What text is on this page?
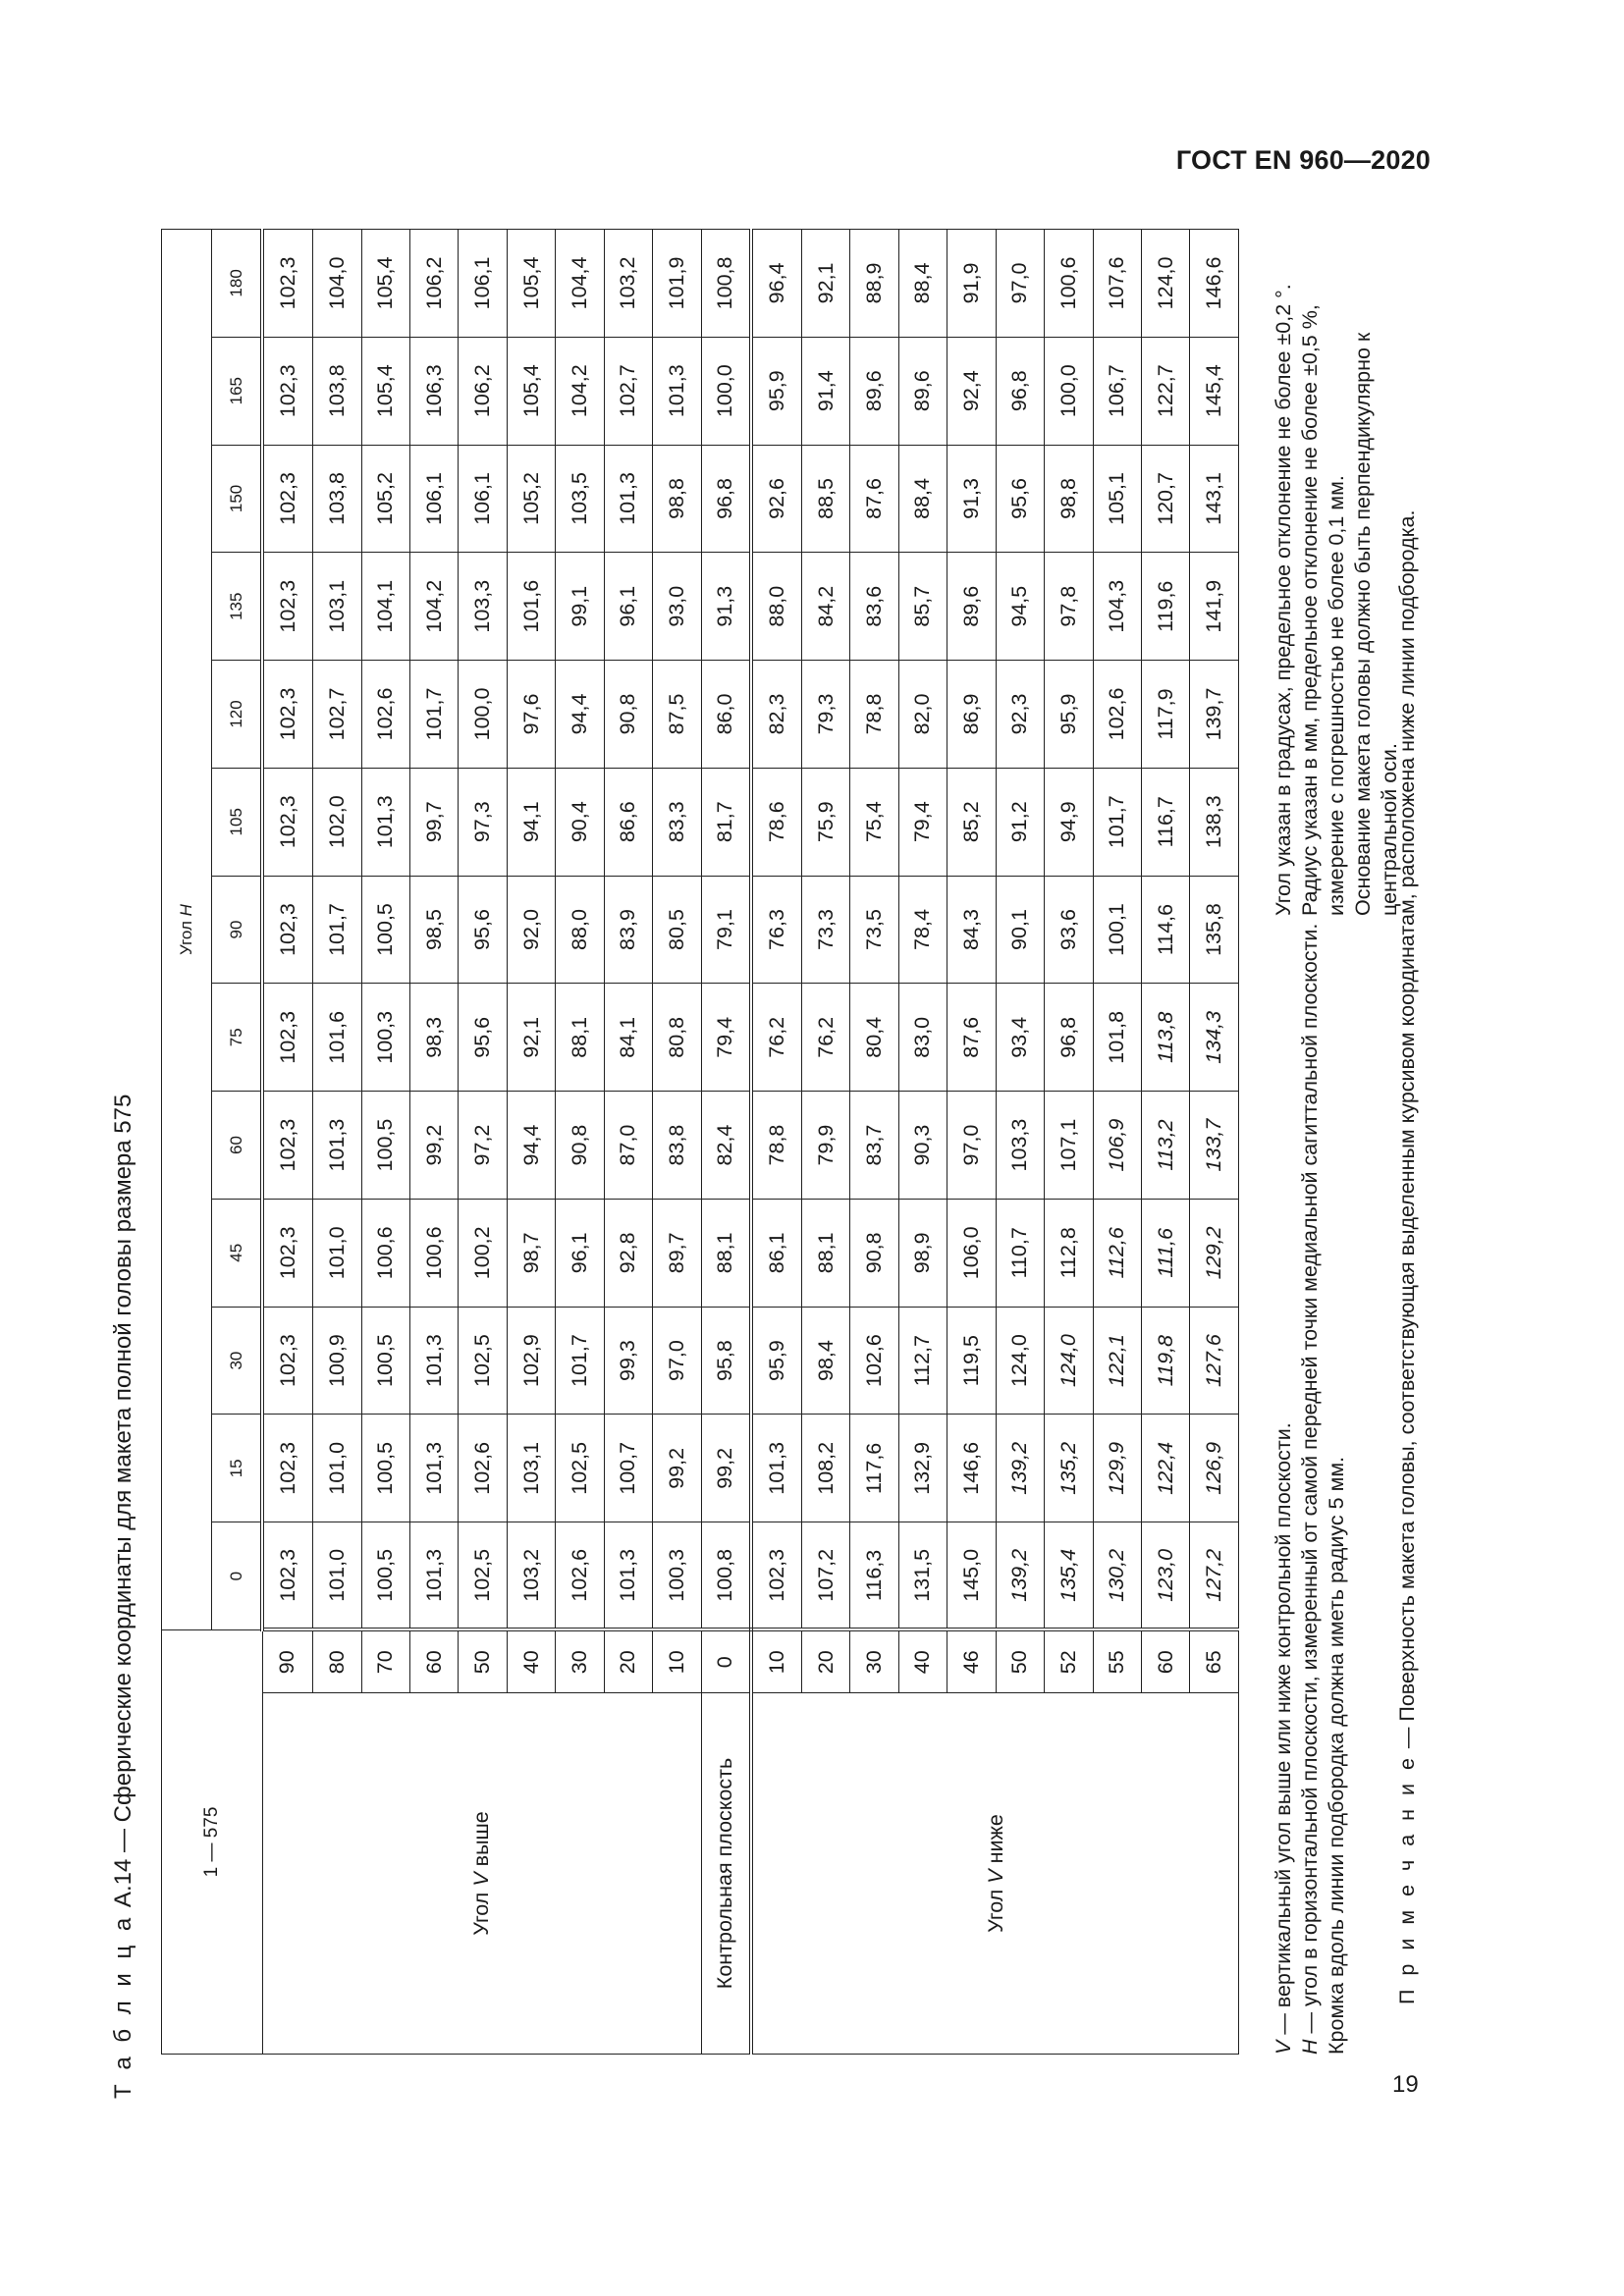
ГОСТ EN 960—2020
Т а б л и ц а А.14 — Сферические координаты для макета полной головы размера 575	1 — 575		Угол H												
		0	15	30	45	60	75	90	105	120	135	150	165	180
Угол V выше	90	102,3	102,3	102,3	102,3	102,3	102,3	102,3	102,3	102,3	102,3	102,3	102,3	102,3
	80	101,0	101,0	100,9	101,0	101,3	101,6	101,7	102,0	102,7	103,1	103,8	103,8	104,0
	70	100,5	100,5	100,5	100,6	100,5	100,3	100,5	101,3	102,6	104,1	105,2	105,4	105,4
	60	101,3	101,3	101,3	100,6	99,2	98,3	98,5	99,7	101,7	104,2	106,1	106,3	106,2
	50	102,5	102,6	102,5	100,2	97,2	95,6	95,6	97,3	100,0	103,3	106,1	106,2	106,1
	40	103,2	103,1	102,9	98,7	94,4	92,1	92,0	94,1	97,6	101,6	105,2	105,4	105,4
	30	102,6	102,5	101,7	96,1	90,8	88,1	88,0	90,4	94,4	99,1	103,5	104,2	104,4
	20	101,3	100,7	99,3	92,8	87,0	84,1	83,9	86,6	90,8	96,1	101,3	102,7	103,2
	10	100,3	99,2	97,0	89,7	83,8	80,8	80,5	83,3	87,5	93,0	98,8	101,3	101,9
Контрольная плоскость	0	100,8	99,2	95,8	88,1	82,4	79,4	79,1	81,7	86,0	91,3	96,8	100,0	100,8
Угол V ниже	10	102,3	101,3	95,9	86,1	78,8	76,2	76,3	78,6	82,3	88,0	92,6	95,9	96,4
	20	107,2	108,2	98,4	88,1	79,9	76,2	73,3	75,9	79,3	84,2	88,5	91,4	92,1
	30	116,3	117,6	102,6	90,8	83,7	80,4	73,5	75,4	78,8	83,6	87,6	89,6	88,9
	40	131,5	132,9	112,7	98,9	90,3	83,0	78,4	79,4	82,0	85,7	88,4	89,6	88,4
	46	145,0	146,6	119,5	106,0	97,0	87,6	84,3	85,2	86,9	89,6	91,3	92,4	91,9
	50	139,2	139,2	124,0	110,7	103,3	93,4	90,1	91,2	92,3	94,5	95,6	96,8	97,0
	52	135,4	135,2	124,0	112,8	107,1	96,8	93,6	94,9	95,9	97,8	98,8	100,0	100,6
	55	130,2	129,9	122,1	112,6	106,9	101,8	100,1	101,7	102,6	104,3	105,1	106,7	107,6
	60	123,0	122,4	119,8	111,6	113,2	113,8	114,6	116,7	117,9	119,6	120,7	122,7	124,0
	65	127,2	126,9	127,6	129,2	133,7	134,3	135,8	138,3	139,7	141,9	143,1	145,4	146,6

V — вертикальный угол выше или ниже контрольной плоскости.

H — угол в горизонтальной плоскости, измеренный от самой передней точки медиальной сагиттальной плоскости. Кромка вдоль линии подбородка должна иметь радиус 5 мм.

Угол указан в градусах, предельное отклонение не более ±0,2 °. Радиус указан в мм, предельное отклонение не более ±0,5 %, измерение с погрешностью не более 0,1 мм. Основание макета головы должно быть перпендикулярно к центральной оси.

П р и м е ч а н и е — Поверхность макета головы, соответствующая выделенным курсивом координатам, расположена ниже линии подбородка.
19
